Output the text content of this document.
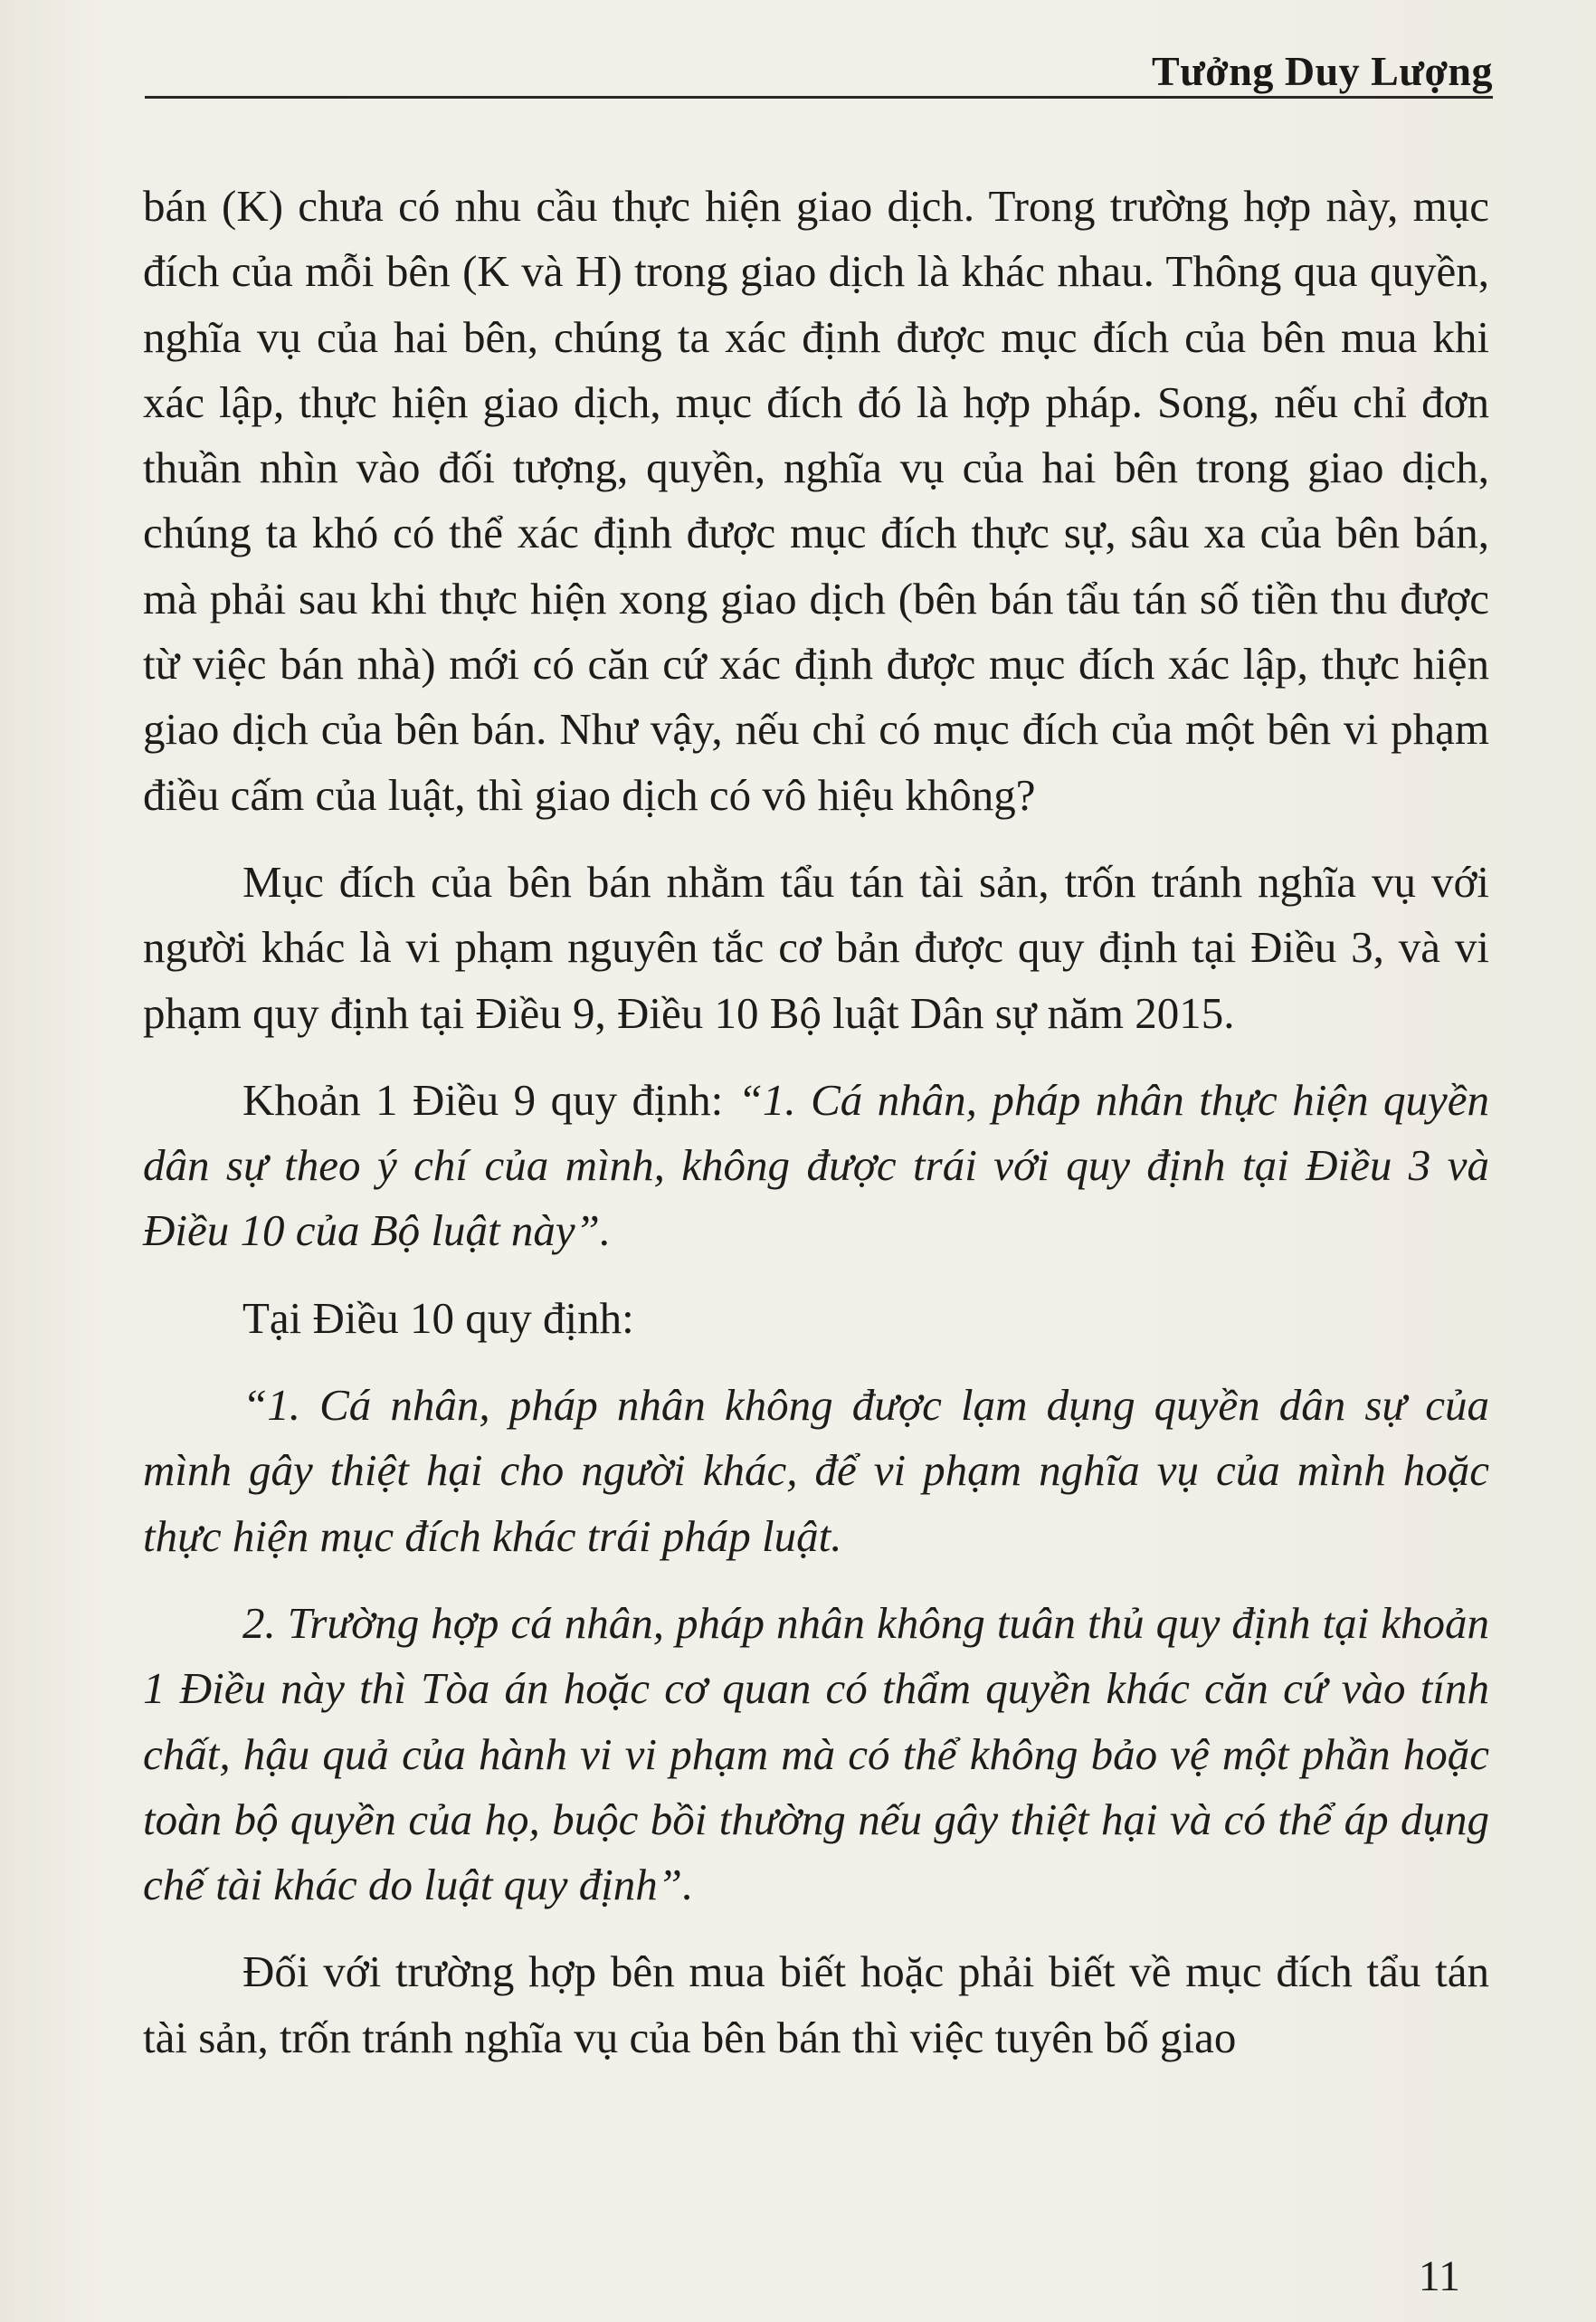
Tưởng Duy Lượng

bán (K) chưa có nhu cầu thực hiện giao dịch. Trong trường hợp này, mục đích của mỗi bên (K và H) trong giao dịch là khác nhau. Thông qua quyền, nghĩa vụ của hai bên, chúng ta xác định được mục đích của bên mua khi xác lập, thực hiện giao dịch, mục đích đó là hợp pháp. Song, nếu chỉ đơn thuần nhìn vào đối tượng, quyền, nghĩa vụ của hai bên trong giao dịch, chúng ta khó có thể xác định được mục đích thực sự, sâu xa của bên bán, mà phải sau khi thực hiện xong giao dịch (bên bán tẩu tán số tiền thu được từ việc bán nhà) mới có căn cứ xác định được mục đích xác lập, thực hiện giao dịch của bên bán. Như vậy, nếu chỉ có mục đích của một bên vi phạm điều cấm của luật, thì giao dịch có vô hiệu không?

Mục đích của bên bán nhằm tẩu tán tài sản, trốn tránh nghĩa vụ với người khác là vi phạm nguyên tắc cơ bản được quy định tại Điều 3, và vi phạm quy định tại Điều 9, Điều 10 Bộ luật Dân sự năm 2015.

Khoản 1 Điều 9 quy định: “1. Cá nhân, pháp nhân thực hiện quyền dân sự theo ý chí của mình, không được trái với quy định tại Điều 3 và Điều 10 của Bộ luật này”.

Tại Điều 10 quy định:

“1. Cá nhân, pháp nhân không được lạm dụng quyền dân sự của mình gây thiệt hại cho người khác, để vi phạm nghĩa vụ của mình hoặc thực hiện mục đích khác trái pháp luật.

2. Trường hợp cá nhân, pháp nhân không tuân thủ quy định tại khoản 1 Điều này thì Tòa án hoặc cơ quan có thẩm quyền khác căn cứ vào tính chất, hậu quả của hành vi vi phạm mà có thể không bảo vệ một phần hoặc toàn bộ quyền của họ, buộc bồi thường nếu gây thiệt hại và có thể áp dụng chế tài khác do luật quy định”.

Đối với trường hợp bên mua biết hoặc phải biết về mục đích tẩu tán tài sản, trốn tránh nghĩa vụ của bên bán thì việc tuyên bố giao

11
